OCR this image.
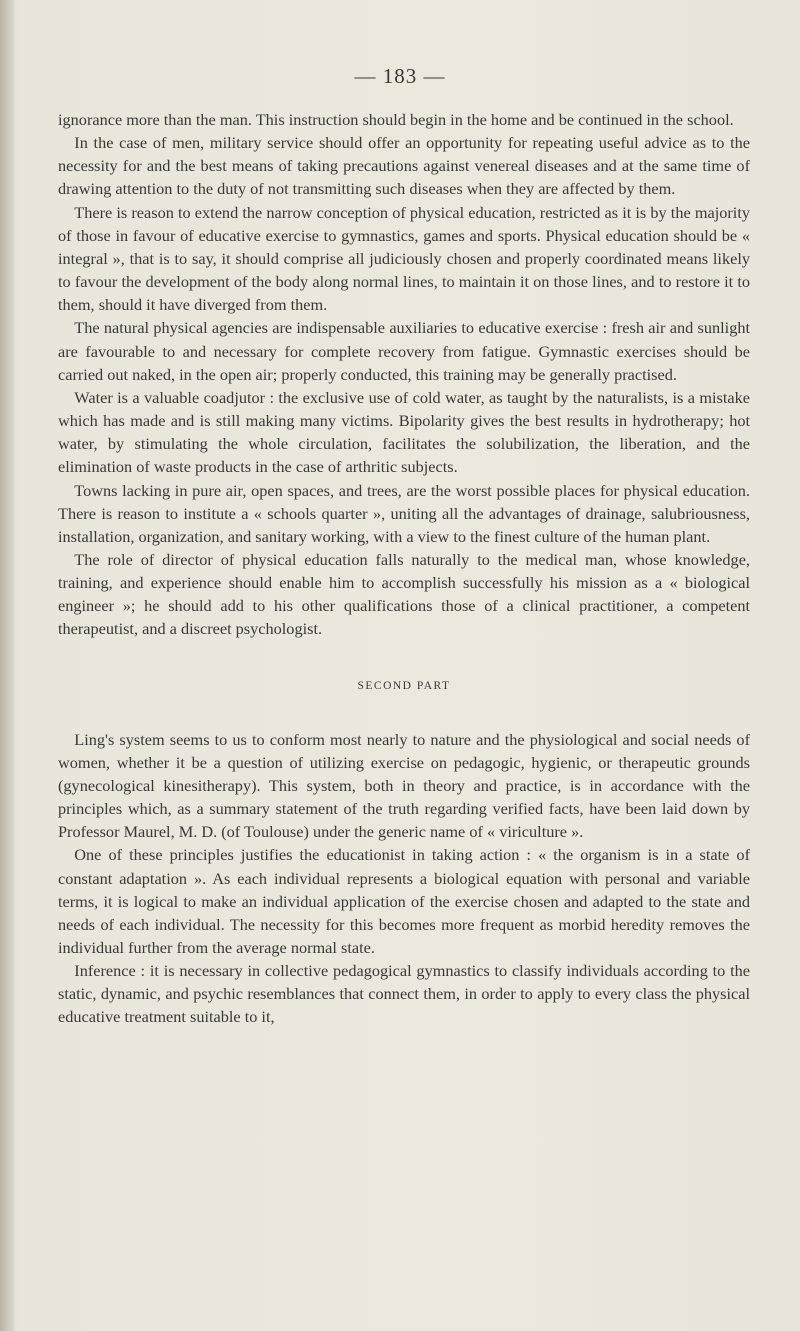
— 183 —

ignorance more than the man. This instruction should begin in the home and be continued in the school.

In the case of men, military service should offer an opportunity for repeating useful advice as to the necessity for and the best means of taking precautions against venereal diseases and at the same time of drawing attention to the duty of not transmitting such diseases when they are affected by them.

There is reason to extend the narrow conception of physical education, restricted as it is by the majority of those in favour of educative exercise to gymnastics, games and sports. Physical education should be « integral », that is to say, it should comprise all judiciously chosen and properly coordinated means likely to favour the development of the body along normal lines, to maintain it on those lines, and to restore it to them, should it have diverged from them.

The natural physical agencies are indispensable auxiliaries to educative exercise : fresh air and sunlight are favourable to and necessary for complete recovery from fatigue. Gymnastic exercises should be carried out naked, in the open air; properly conducted, this training may be generally practised.

Water is a valuable coadjutor : the exclusive use of cold water, as taught by the naturalists, is a mistake which has made and is still making many victims. Bipolarity gives the best results in hydrotherapy; hot water, by stimulating the whole circulation, facilitates the solubilization, the liberation, and the elimination of waste products in the case of arthritic subjects.

Towns lacking in pure air, open spaces, and trees, are the worst possible places for physical education. There is reason to institute a « schools quarter », uniting all the advantages of drainage, salubriousness, installation, organization, and sanitary working, with a view to the finest culture of the human plant.

The role of director of physical education falls naturally to the medical man, whose knowledge, training, and experience should enable him to accomplish successfully his mission as a « biological engineer »; he should add to his other qualifications those of a clinical practitioner, a competent therapeutist, and a discreet psychologist.

SECOND PART

Ling's system seems to us to conform most nearly to nature and the physiological and social needs of women, whether it be a question of utilizing exercise on pedagogic, hygienic, or therapeutic grounds (gynecological kinesitherapy). This system, both in theory and practice, is in accordance with the principles which, as a summary statement of the truth regarding verified facts, have been laid down by Professor Maurel, M. D. (of Toulouse) under the generic name of « viriculture ».

One of these principles justifies the educationist in taking action : « the organism is in a state of constant adaptation ». As each individual represents a biological equation with personal and variable terms, it is logical to make an individual application of the exercise chosen and adapted to the state and needs of each individual. The necessity for this becomes more frequent as morbid heredity removes the individual further from the average normal state.

Inference : it is necessary in collective pedagogical gymnastics to classify individuals according to the static, dynamic, and psychic resemblances that connect them, in order to apply to every class the physical educative treatment suitable to it,
